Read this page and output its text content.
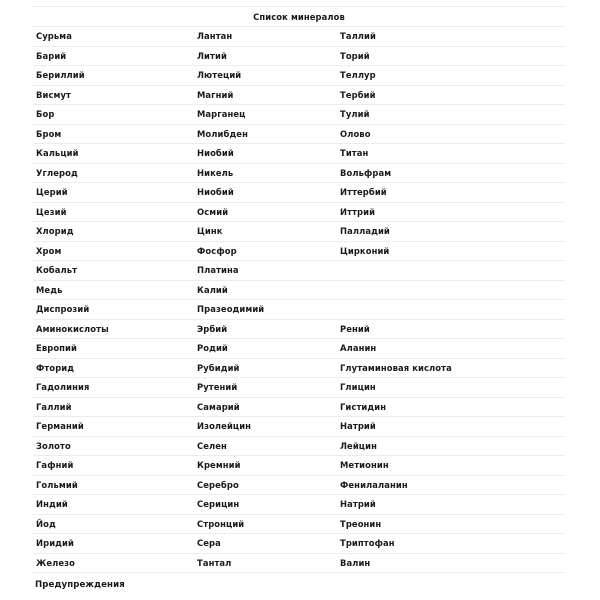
Список минералов		
Сурьма	Лантан	Таллий
Барий	Литий	Торий
Бериллий	Лютеций	Теллур
Висмут	Магний	Тербий
Бор	Марганец	Тулий
Бром	Молибден	Олово
Кальций	Ниобий	Титан
Углерод	Никель	Вольфрам
Церий	Ниобий	Иттербий
Цезий	Осмий	Иттрий
Хлорид	Цинк	Палладий
Хром	Фосфор	Цирконий
Кобальт	Платина	
Медь	Калий	
Диспрозий	Празеодимий	
Аминокислоты	Эрбий	Рений
Европий	Родий	Аланин
Фторид	Рубидий	Глутаминовая кислота
Гадолиния	Рутений	Глицин
Галлий	Самарий	Гистидин
Германий	Изолейцин	Натрий
Золото	Селен	Лейцин
Гафний	Кремний	Метионин
Гольмий	Серебро	Фенилаланин
Индий	Серицин	Натрий
Йод	Стронций	Треонин
Иридий	Сера	Триптофан
Железо	Тантал	Валин
Предупреждения
